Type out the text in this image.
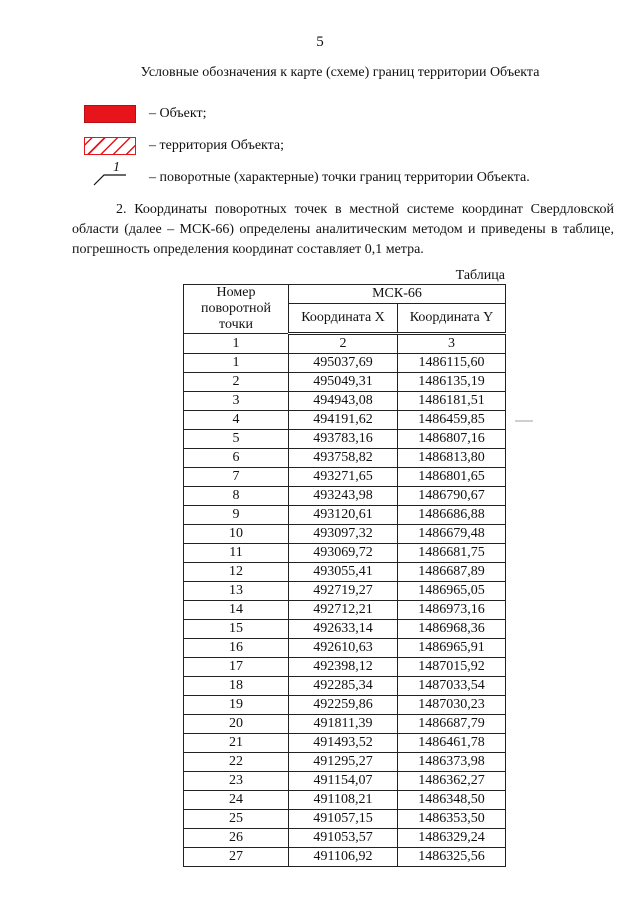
5
Условные обозначения к карте (схеме) границ территории Объекта
– Объект;
– территория Объекта;
1
– поворотные (характерные) точки границ территории Объекта.
2. Координаты поворотных точек в местной системе координат Свердловской области (далее – МСК-66) определены аналитическим методом и приведены в таблице, погрешность определения координат составляет 0,1 метра.
Таблица
Номер поворотной точки	МСК-66	
	Координата X	Координата Y
1	2	3
1	495037,69	1486115,60
2	495049,31	1486135,19
3	494943,08	1486181,51
4	494191,62	1486459,85
5	493783,16	1486807,16
6	493758,82	1486813,80
7	493271,65	1486801,65
8	493243,98	1486790,67
9	493120,61	1486686,88
10	493097,32	1486679,48
11	493069,72	1486681,75
12	493055,41	1486687,89
13	492719,27	1486965,05
14	492712,21	1486973,16
15	492633,14	1486968,36
16	492610,63	1486965,91
17	492398,12	1487015,92
18	492285,34	1487033,54
19	492259,86	1487030,23
20	491811,39	1486687,79
21	491493,52	1486461,78
22	491295,27	1486373,98
23	491154,07	1486362,27
24	491108,21	1486348,50
25	491057,15	1486353,50
26	491053,57	1486329,24
27	491106,92	1486325,56
